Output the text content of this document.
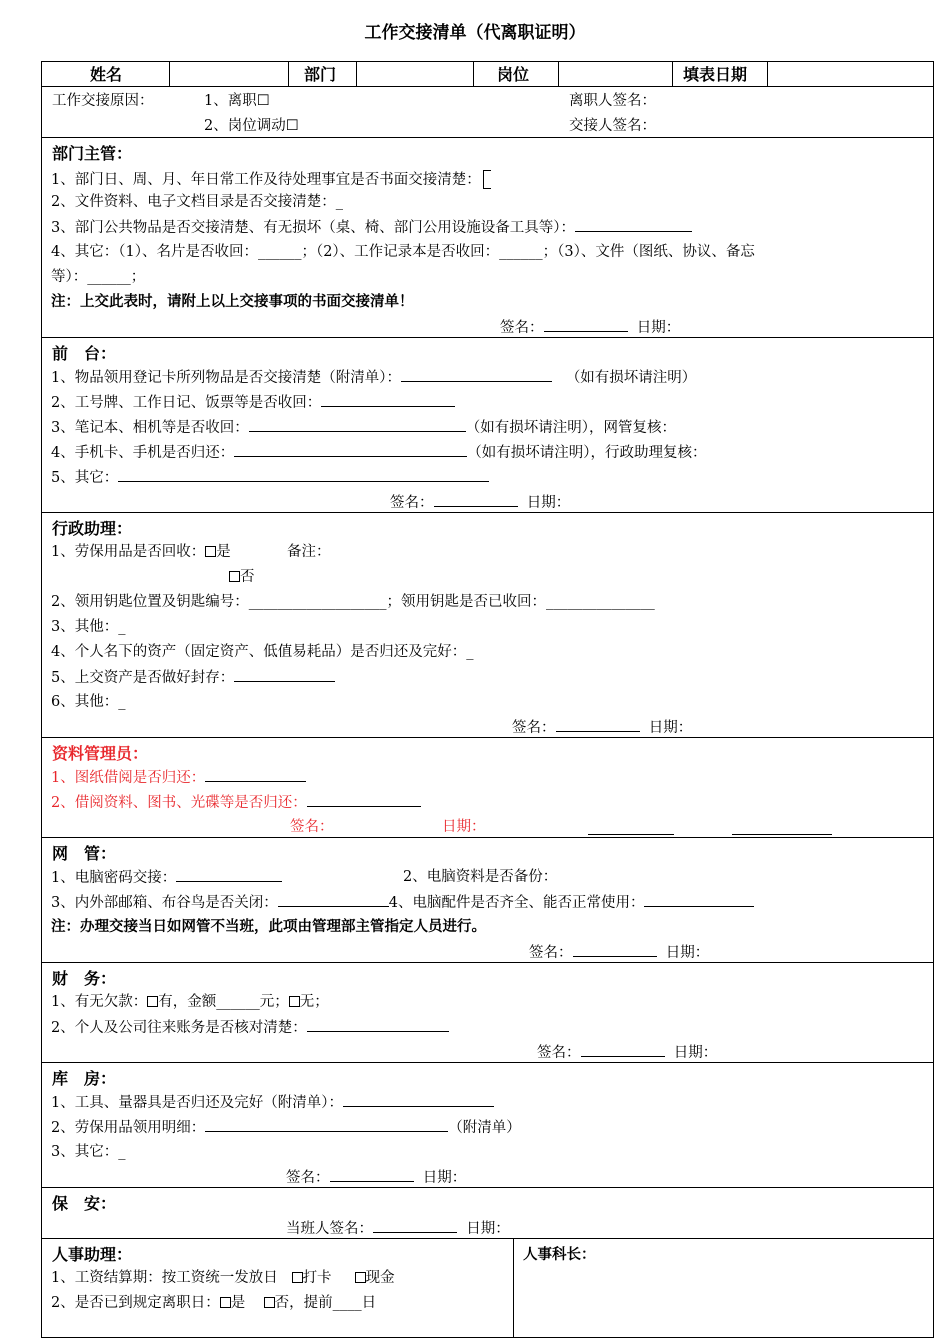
工作交接清单（代离职证明）
姓名	部门	岗位	填表日期
工作交接原因：	1、离职☐
2、岗位调动☐
离职人签名：
交接人签名：
部门主管：
1、部门日、周、月、年日常工作及待处理事宜是否书面交接清楚：
2、文件资料、电子文档目录是否交接清楚：_
3、部门公共物品是否交接清楚、有无损坏（桌、椅、部门公用设施设备工具等）：
4、其它：（1）、名片是否收回：______；（2）、工作记录本是否收回：______；（3）、文件（图纸、协议、备忘
等）：______；
注：上交此表时，请附上以上交接事项的书面交接清单！
签名：	日期：
前　台：
1、物品领用登记卡所列物品是否交接清楚（附清单）：	（如有损坏请注明）
2、工号牌、工作日记、饭票等是否收回：
3、笔记本、相机等是否收回：	（如有损坏请注明），网管复核：
4、手机卡、手机是否归还：	（如有损坏请注明），行政助理复核：
5、其它：
签名：	日期：
行政助理：
1、劳保用品是否回收： 是	备注：
否
2、领用钥匙位置及钥匙编号：___________________；领用钥匙是否已收回：_______________
3、其他：_
4、个人名下的资产（固定资产、低值易耗品）是否归还及完好：_
5、上交资产是否做好封存：
6、其他：_
签名：	日期：
资料管理员：
1、图纸借阅是否归还：
2、借阅资料、图书、光碟等是否归还：
签名：	日期：
网　管：
1、电脑密码交接：	2、电脑资料是否备份：
3、内外部邮箱、布谷鸟是否关闭：	4、电脑配件是否齐全、能否正常使用：
注：办理交接当日如网管不当班，此项由管理部主管指定人员进行。
签名：	日期：
财　务：
1、有无欠款： 有，金额______元； 无；
2、个人及公司往来账务是否核对清楚：
签名：	日期：
库　房：
1、工具、量器具是否归还及完好（附清单）：
2、劳保用品领用明细：	（附清单）
3、其它：_
签名：	日期：
保　安：
当班人签名：	日期：
人事助理：
1、工资结算期：按工资统一发放日 打卡 现金
2、是否已到规定离职日： 是 否，提前____日
人事科长：
